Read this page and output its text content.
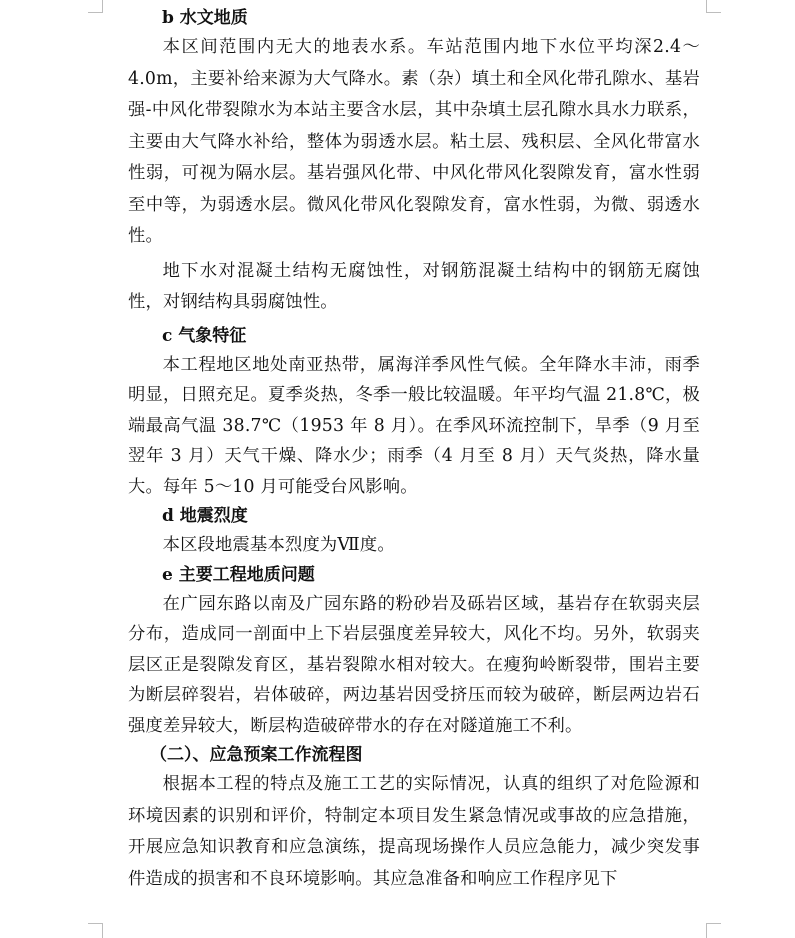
b 水文地质

本区间范围内无大的地表水系。车站范围内地下水位平均深2.4～4.0m，主要补给来源为大气降水。素（杂）填土和全风化带孔隙水、基岩强-中风化带裂隙水为本站主要含水层，其中杂填土层孔隙水具水力联系，主要由大气降水补给，整体为弱透水层。粘土层、残积层、全风化带富水性弱，可视为隔水层。基岩强风化带、中风化带风化裂隙发育，富水性弱至中等，为弱透水层。微风化带风化裂隙发育，富水性弱，为微、弱透水性。

地下水对混凝土结构无腐蚀性，对钢筋混凝土结构中的钢筋无腐蚀性，对钢结构具弱腐蚀性。

c 气象特征

本工程地区地处南亚热带，属海洋季风性气候。全年降水丰沛，雨季明显，日照充足。夏季炎热，冬季一般比较温暖。年平均气温 21.8℃，极端最高气温 38.7℃（1953 年 8 月）。在季风环流控制下，旱季（9 月至翌年 3 月）天气干燥、降水少；雨季（4 月至 8 月）天气炎热，降水量大。每年 5～10 月可能受台风影响。

d 地震烈度

本区段地震基本烈度为Ⅶ度。

e 主要工程地质问题

在广园东路以南及广园东路的粉砂岩及砾岩区域，基岩存在软弱夹层分布，造成同一剖面中上下岩层强度差异较大，风化不均。另外，软弱夹层区正是裂隙发育区，基岩裂隙水相对较大。在瘦狗岭断裂带，围岩主要为断层碎裂岩，岩体破碎，两边基岩因受挤压而较为破碎，断层两边岩石强度差异较大，断层构造破碎带水的存在对隧道施工不利。

（二）、应急预案工作流程图

根据本工程的特点及施工工艺的实际情况，认真的组织了对危险源和环境因素的识别和评价，特制定本项目发生紧急情况或事故的应急措施，开展应急知识教育和应急演练，提高现场操作人员应急能力，减少突发事件造成的损害和不良环境影响。其应急准备和响应工作程序见下
